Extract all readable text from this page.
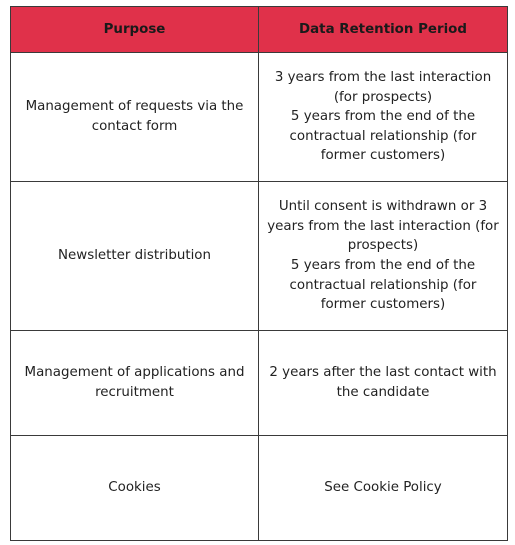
Purpose	Data Retention Period
Management of requests via the contact form	3 years from the last interaction (for prospects)
5 years from the end of the contractual relationship (for former customers)

Newsletter distribution	Until consent is withdrawn or 3 years from the last interaction (for prospects)
5 years from the end of the contractual relationship (for former customers)

Management of applications and recruitment	2 years after the last contact with the candidate

Cookies	See Cookie Policy
